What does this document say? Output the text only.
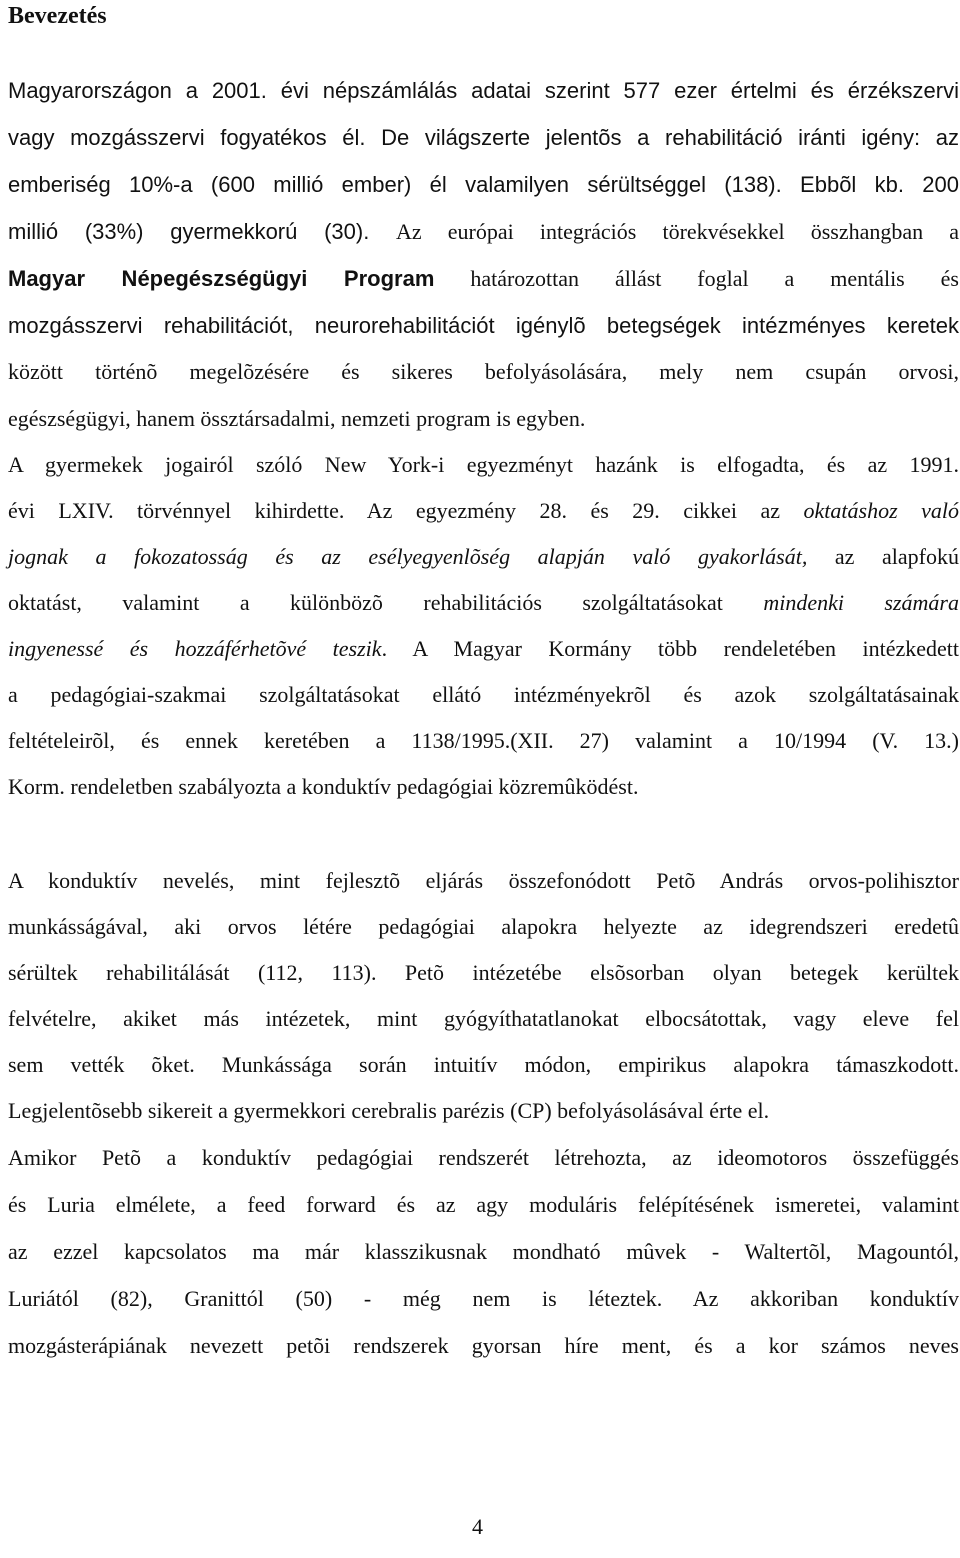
Bevezetés
Magyarországon a 2001. évi népszámlálás adatai szerint 577 ezer értelmi és érzékszervi
vagy mozgásszervi fogyatékos él. De világszerte jelentõs a rehabilitáció iránti igény: az
emberiség 10%-a (600 millió ember) él valamilyen sérültséggel (138). Ebbõl kb. 200
millió (33%) gyermekkorú (30). Az európai integrációs törekvésekkel összhangban a
Magyar Népegészségügyi Program határozottan állást foglal a mentális és
mozgásszervi rehabilitációt, neurorehabilitációt igénylõ betegségek intézményes keretek
között történõ megelõzésére és sikeres befolyásolására, mely nem csupán orvosi,
egészségügyi, hanem össztársadalmi, nemzeti program is egyben.
A gyermekek jogairól szóló New York-i egyezményt hazánk is elfogadta, és az 1991.
évi LXIV. törvénnyel kihirdette. Az egyezmény 28. és 29. cikkei az oktatáshoz való
jognak a fokozatosság és az esélyegyenlõség alapján való gyakorlását, az alapfokú
oktatást, valamint a különbözõ rehabilitációs szolgáltatásokat mindenki számára
ingyenessé és hozzáférhetõvé teszik. A Magyar Kormány több rendeletében intézkedett
a pedagógiai-szakmai szolgáltatásokat ellátó intézményekrõl és azok szolgáltatásainak
feltételeirõl, és ennek keretében a 1138/1995.(XII. 27) valamint a 10/1994 (V. 13.)
Korm. rendeletben szabályozta a konduktív pedagógiai közremûködést.
A konduktív nevelés, mint fejlesztõ eljárás összefonódott Petõ András orvos-polihisztor
munkásságával, aki orvos létére pedagógiai alapokra helyezte az idegrendszeri eredetû
sérültek rehabilitálását (112, 113). Petõ intézetébe elsõsorban olyan betegek kerültek
felvételre, akiket más intézetek, mint gyógyíthatatlanokat elbocsátottak, vagy eleve fel
sem vették õket. Munkássága során intuitív módon, empirikus alapokra támaszkodott.
Legjelentõsebb sikereit a gyermekkori cerebralis parézis (CP) befolyásolásával érte el.
Amikor Petõ a konduktív pedagógiai rendszerét létrehozta, az ideomotoros összefüggés
és Luria elmélete, a feed forward és az agy moduláris felépítésének ismeretei, valamint
az ezzel kapcsolatos ma már klasszikusnak mondható mûvek - Waltertõl, Magountól,
Luriától (82), Granittól (50) - még nem is léteztek. Az akkoriban konduktív
mozgásterápiának nevezett petõi rendszerek gyorsan híre ment, és a kor számos neves
4
